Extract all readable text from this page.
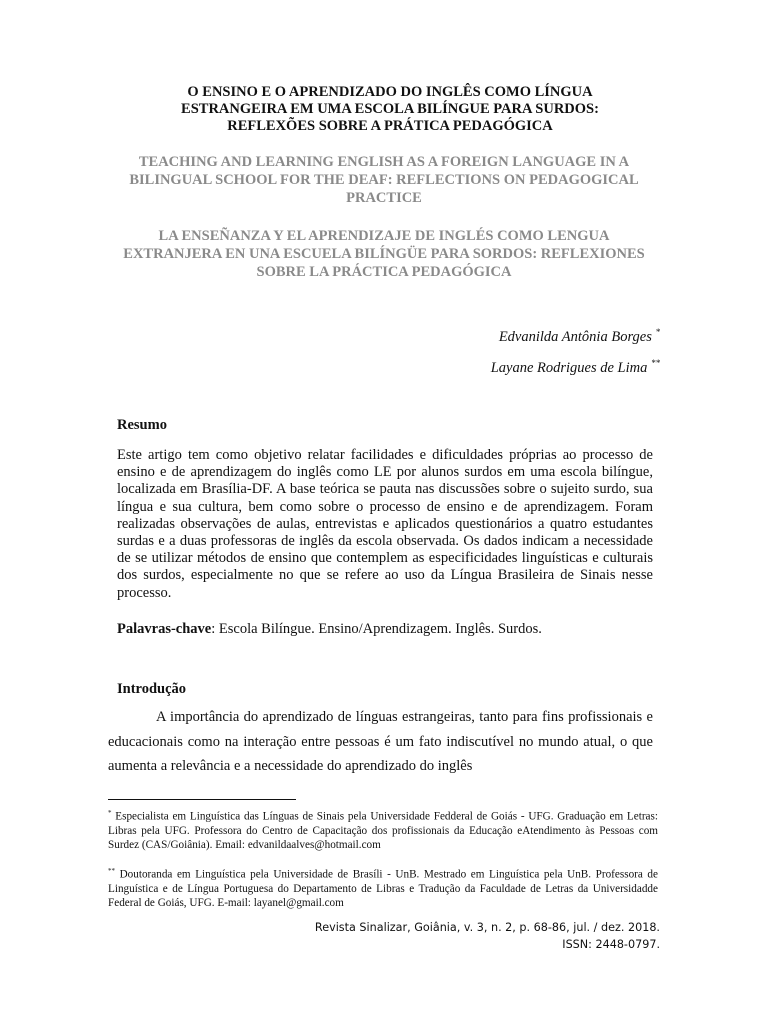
O ENSINO E O APRENDIZADO DO INGLÊS COMO LÍNGUA ESTRANGEIRA EM UMA ESCOLA BILÍNGUE PARA SURDOS: REFLEXÕES SOBRE A PRÁTICA PEDAGÓGICA
TEACHING AND LEARNING ENGLISH AS A FOREIGN LANGUAGE IN A BILINGUAL SCHOOL FOR THE DEAF: REFLECTIONS ON PEDAGOGICAL PRACTICE
LA ENSEÑANZA Y EL APRENDIZAJE DE INGLÉS COMO LENGUA EXTRANJERA EN UNA ESCUELA BILÍNGÜE PARA SORDOS: REFLEXIONES SOBRE LA PRÁCTICA PEDAGÓGICA
Edvanilda Antônia Borges *
Layane Rodrigues de Lima **
Resumo
Este artigo tem como objetivo relatar facilidades e dificuldades próprias ao processo de ensino e de aprendizagem do inglês como LE por alunos surdos em uma escola bilíngue, localizada em Brasília-DF. A base teórica se pauta nas discussões sobre o sujeito surdo, sua língua e sua cultura, bem como sobre o processo de ensino e de aprendizagem. Foram realizadas observações de aulas, entrevistas e aplicados questionários a quatro estudantes surdas e a duas professoras de inglês da escola observada. Os dados indicam a necessidade de se utilizar métodos de ensino que contemplem as especificidades linguísticas e culturais dos surdos, especialmente no que se refere ao uso da Língua Brasileira de Sinais nesse processo.
Palavras-chave: Escola Bilíngue. Ensino/Aprendizagem. Inglês. Surdos.
Introdução
A importância do aprendizado de línguas estrangeiras, tanto para fins profissionais e educacionais como na interação entre pessoas é um fato indiscutível no mundo atual, o que aumenta a relevância e a necessidade do aprendizado do inglês
* Especialista em Linguística das Línguas de Sinais pela Universidade Fedderal de Goiás - UFG. Graduação em Letras: Libras pela UFG. Professora do Centro de Capacitação dos profissionais da Educação eAtendimento às Pessoas com Surdez (CAS/Goiânia). Email: edvanildaalves@hotmail.com
** Doutoranda em Linguística pela Universidade de Brasíli - UnB. Mestrado em Linguística pela UnB. Professora de Linguística e de Língua Portuguesa do Departamento de Libras e Tradução da Faculdade de Letras da Universidadde Federal de Goiás, UFG. E-mail: layanel@gmail.com
Revista Sinalizar, Goiânia, v. 3, n. 2, p. 68-86, jul. / dez. 2018.
ISSN: 2448-0797.
